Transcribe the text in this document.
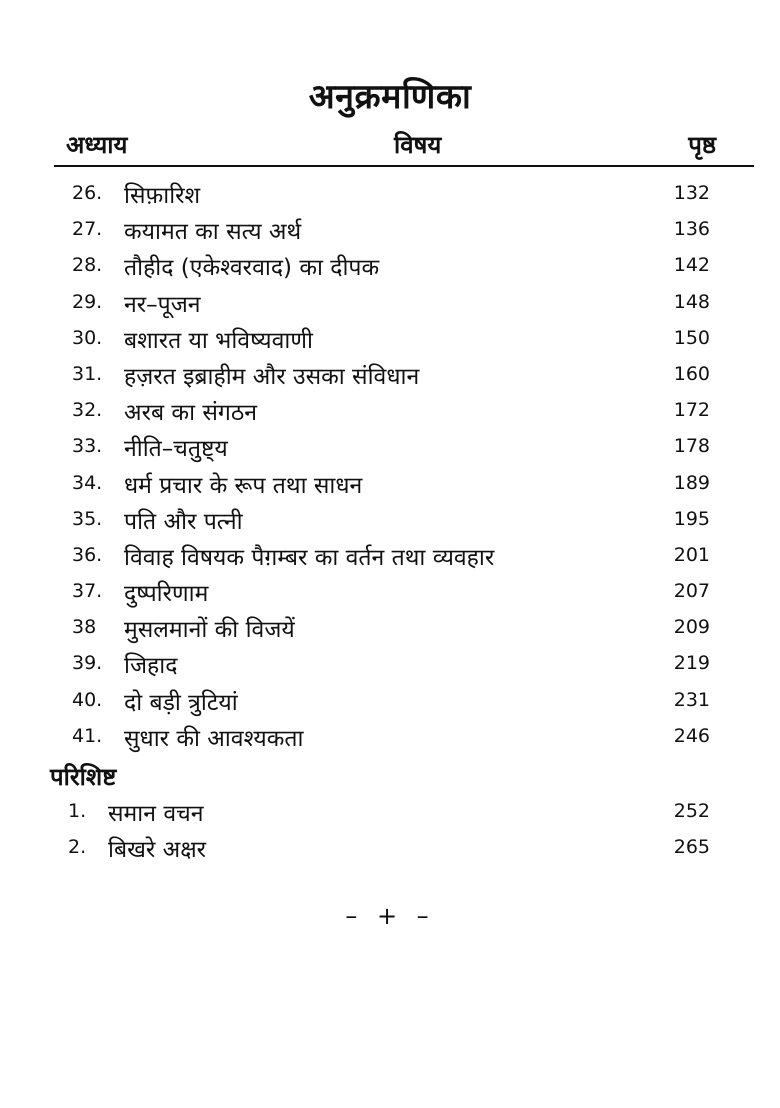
अनुक्रमणिका
अध्याय	विषय	पृष्ठ
26. सिफ़ारिश	132
27. कयामत का सत्य अर्थ	136
28. तौहीद (एकेश्वरवाद) का दीपक	142
29. नर–पूजन	148
30. बशारत या भविष्यवाणी	150
31. हज़रत इब्राहीम और उसका संविधान	160
32. अरब का संगठन	172
33. नीति–चतुष्ट्य	178
34. धर्म प्रचार के रूप तथा साधन	189
35. पति और पत्नी	195
36. विवाह विषयक पैग़म्बर का वर्तन तथा व्यवहार	201
37. दुष्परिणाम	207
38 मुसलमानों की विजयें	209
39. जिहाद	219
40. दो बड़ी त्रुटियां	231
41. सुधार की आवश्यकता	246
परिशिष्ट
1. समान वचन	252
2. बिखरे अक्षर	265
– + –
